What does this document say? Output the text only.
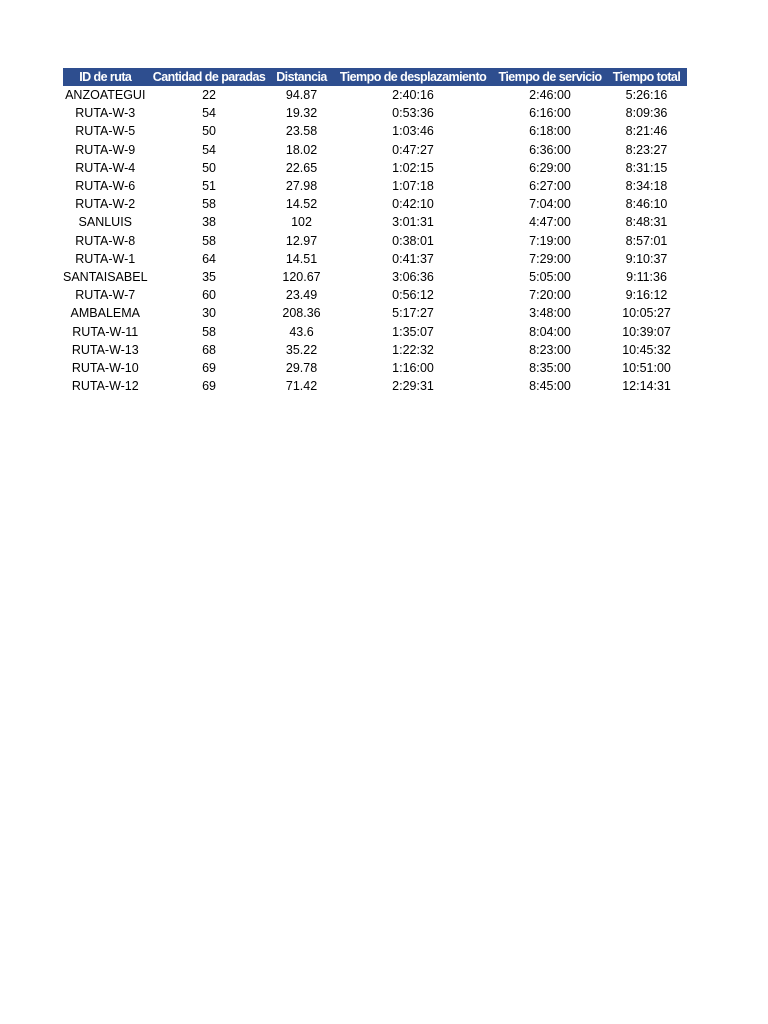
ID de ruta	Cantidad de paradas	Distancia	Tiempo de desplazamiento	Tiempo de servicio	Tiempo total
ANZOATEGUI	22	94.87	2:40:16	2:46:00	5:26:16
RUTA-W-3	54	19.32	0:53:36	6:16:00	8:09:36
RUTA-W-5	50	23.58	1:03:46	6:18:00	8:21:46
RUTA-W-9	54	18.02	0:47:27	6:36:00	8:23:27
RUTA-W-4	50	22.65	1:02:15	6:29:00	8:31:15
RUTA-W-6	51	27.98	1:07:18	6:27:00	8:34:18
RUTA-W-2	58	14.52	0:42:10	7:04:00	8:46:10
SANLUIS	38	102	3:01:31	4:47:00	8:48:31
RUTA-W-8	58	12.97	0:38:01	7:19:00	8:57:01
RUTA-W-1	64	14.51	0:41:37	7:29:00	9:10:37
SANTAISABEL	35	120.67	3:06:36	5:05:00	9:11:36
RUTA-W-7	60	23.49	0:56:12	7:20:00	9:16:12
AMBALEMA	30	208.36	5:17:27	3:48:00	10:05:27
RUTA-W-11	58	43.6	1:35:07	8:04:00	10:39:07
RUTA-W-13	68	35.22	1:22:32	8:23:00	10:45:32
RUTA-W-10	69	29.78	1:16:00	8:35:00	10:51:00
RUTA-W-12	69	71.42	2:29:31	8:45:00	12:14:31
